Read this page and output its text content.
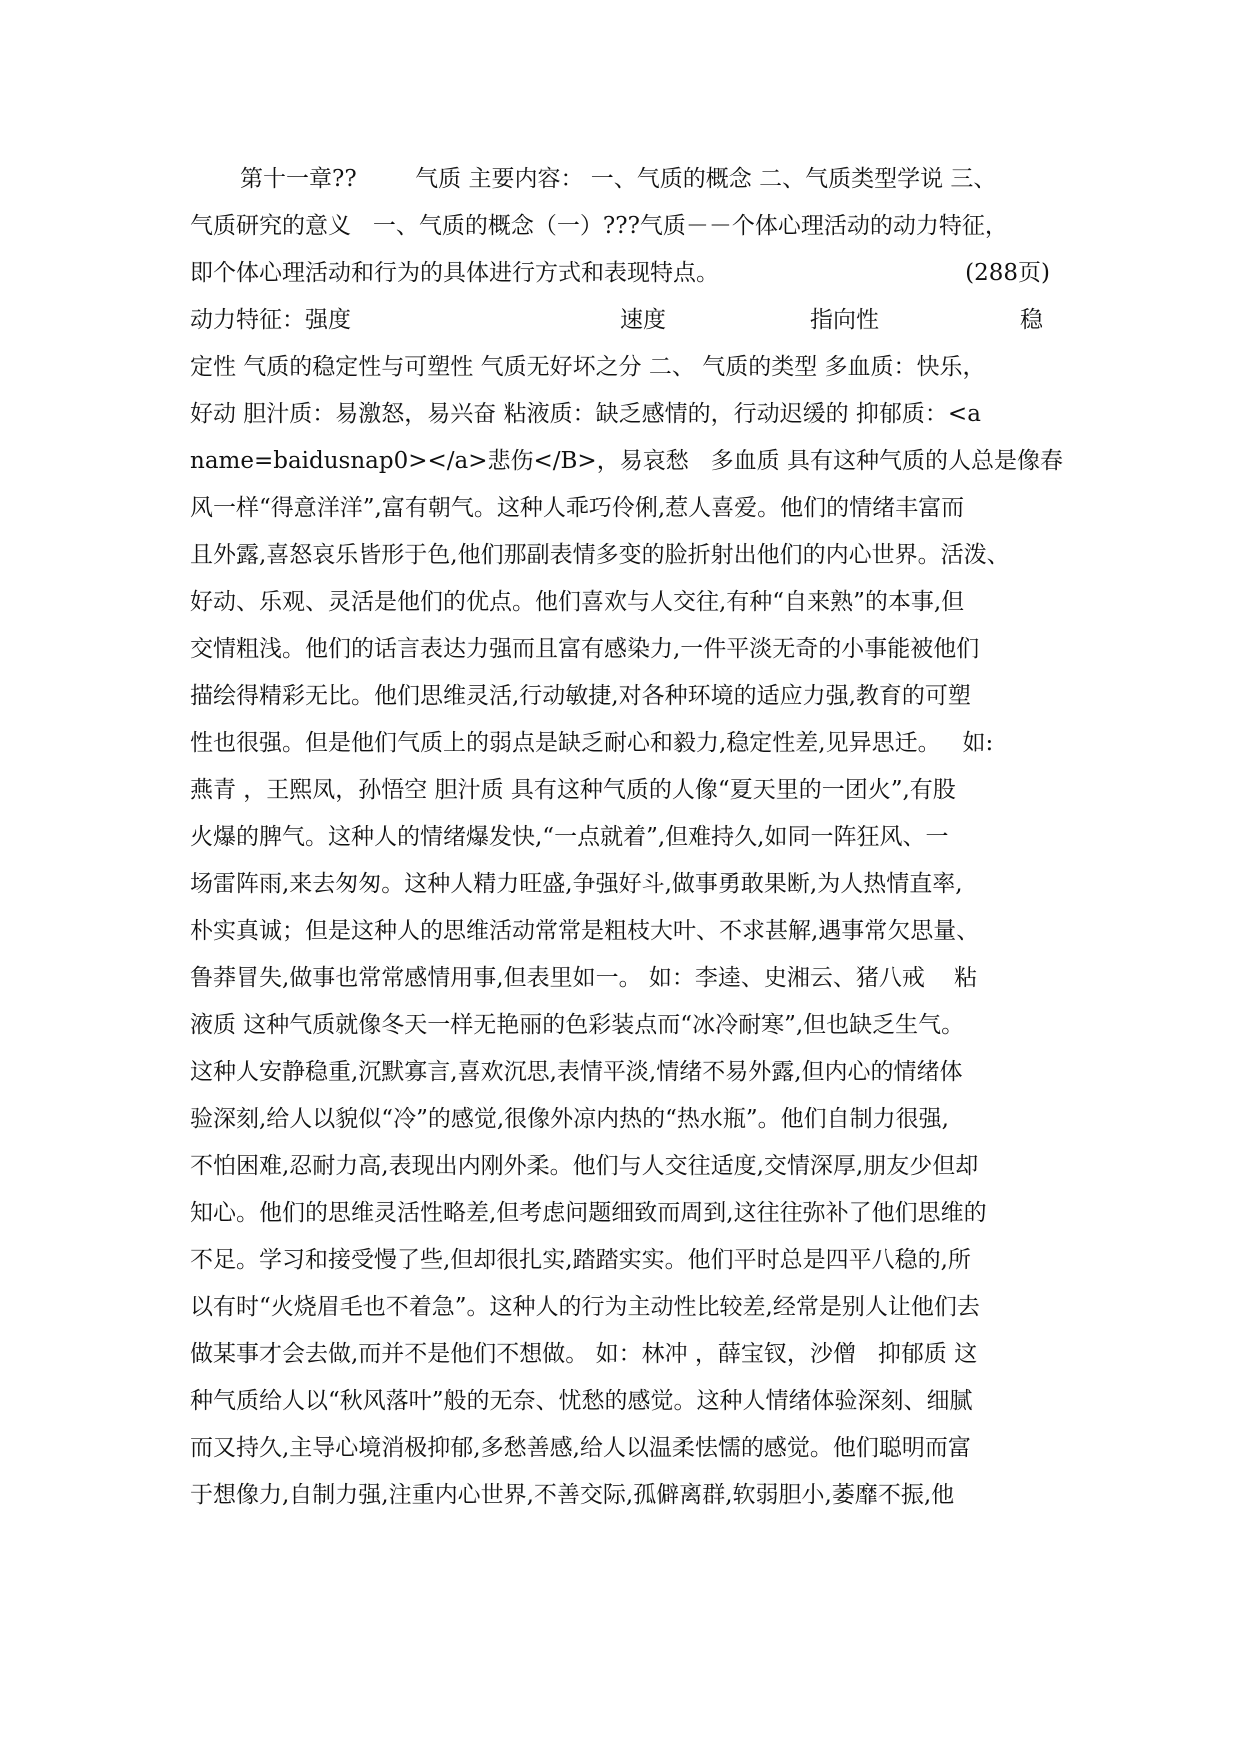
第十一章??        气质 主要内容： 一、气质的概念 二、气质类型学说 三、
气质研究的意义   一、气质的概念（一）???气质－－个体心理活动的动力特征，

即个体心理活动和行为的具体进行方式和表现特点。

	(288页)

动力特征：强度

	速度

	指向性

	稳

定性 气质的稳定性与可塑性 气质无好坏之分 二、 气质的类型 多血质：快乐，
好动 胆汁质：易激怒，易兴奋 粘液质：缺乏感情的，行动迟缓的 抑郁质：<a
name=baidusnap0></a>悲伤</B>，易哀愁   多血质 具有这种气质的人总是像春
风一样“得意洋洋”,富有朝气。这种人乖巧伶俐,惹人喜爱。他们的情绪丰富而
且外露,喜怒哀乐皆形于色,他们那副表情多变的脸折射出他们的内心世界。活泼、
好动、乐观、灵活是他们的优点。他们喜欢与人交往,有种“自来熟”的本事,但
交情粗浅。他们的话言表达力强而且富有感染力,一件平淡无奇的小事能被他们
描绘得精彩无比。他们思维灵活,行动敏捷,对各种环境的适应力强,教育的可塑
性也很强。但是他们气质上的弱点是缺乏耐心和毅力,稳定性差,见异思迁。   如:
燕青 ，王熙凤，孙悟空 胆汁质 具有这种气质的人像“夏天里的一团火”,有股
火爆的脾气。这种人的情绪爆发快,“一点就着”,但难持久,如同一阵狂风、一
场雷阵雨,来去匆匆。这种人精力旺盛,争强好斗,做事勇敢果断,为人热情直率,
朴实真诚；但是这种人的思维活动常常是粗枝大叶、不求甚解,遇事常欠思量、
鲁莽冒失,做事也常常感情用事,但表里如一。 如：李逵、史湘云、猪八戒    粘
液质 这种气质就像冬天一样无艳丽的色彩装点而“冰冷耐寒”,但也缺乏生气。
这种人安静稳重,沉默寡言,喜欢沉思,表情平淡,情绪不易外露,但内心的情绪体
验深刻,给人以貌似“冷”的感觉,很像外凉内热的“热水瓶”。他们自制力很强,
不怕困难,忍耐力高,表现出内刚外柔。他们与人交往适度,交情深厚,朋友少但却
知心。他们的思维灵活性略差,但考虑问题细致而周到,这往往弥补了他们思维的
不足。学习和接受慢了些,但却很扎实,踏踏实实。他们平时总是四平八稳的,所
以有时“火烧眉毛也不着急”。这种人的行为主动性比较差,经常是别人让他们去
做某事才会去做,而并不是他们不想做。 如：林冲 ，薛宝钗，沙僧   抑郁质 这
种气质给人以“秋风落叶”般的无奈、忧愁的感觉。这种人情绪体验深刻、细腻
而又持久,主导心境消极抑郁,多愁善感,给人以温柔怯懦的感觉。他们聪明而富
于想像力,自制力强,注重内心世界,不善交际,孤僻离群,软弱胆小,萎靡不振,他
